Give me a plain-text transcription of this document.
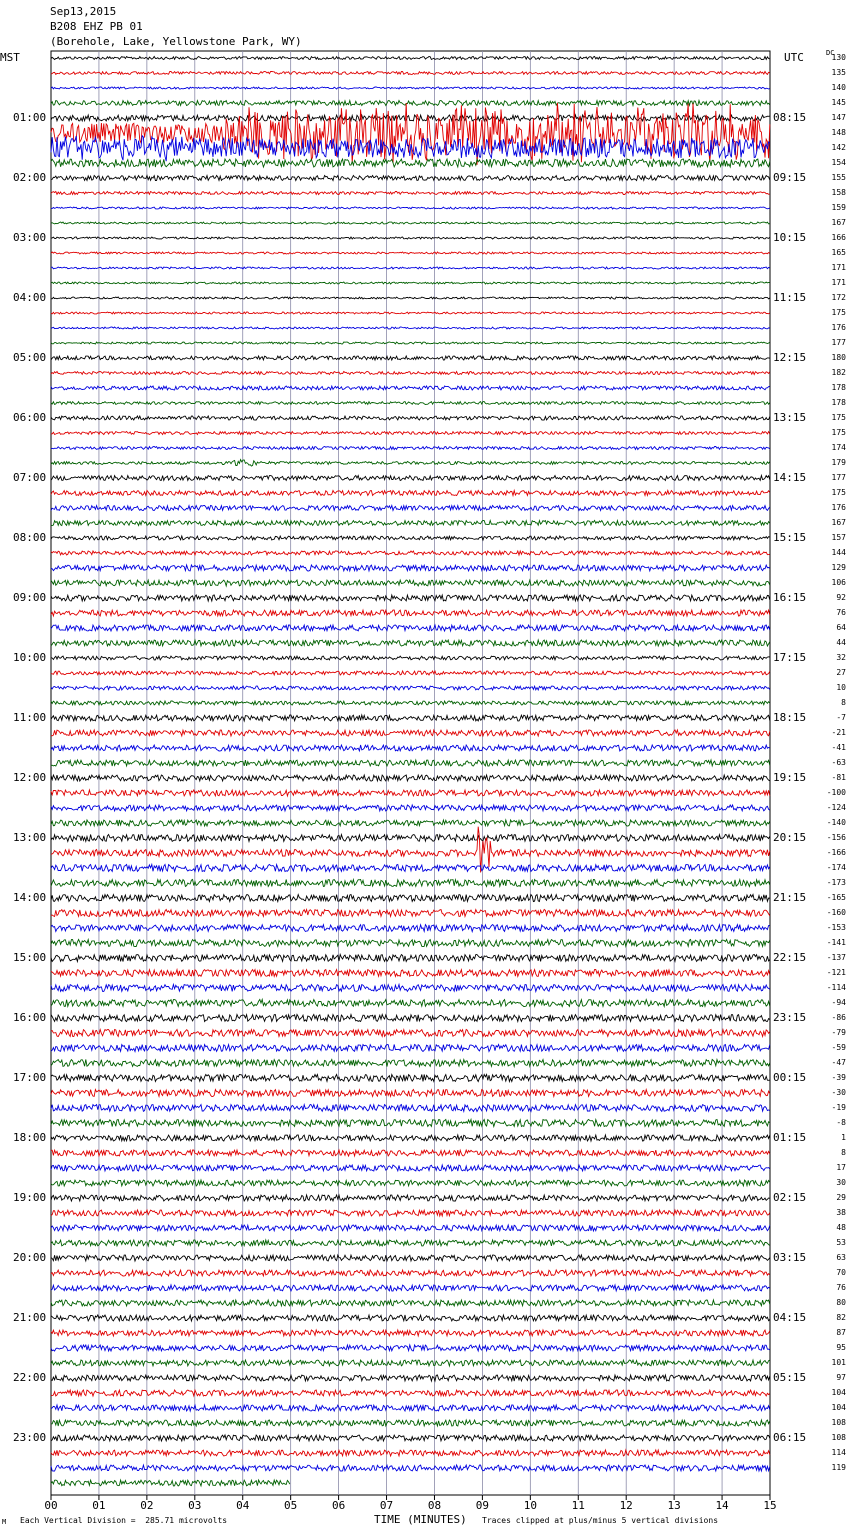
00	01	02	03	04	05	06	07	08	09	10	11	12	13	14	15
Sep13,2015
B208 EHZ PB 01
(Borehole, Lake, Yellowstone Park, WY)
MST	UTC	DC
M Each Vertical Division =  285.71 microvolts	TIME (MINUTES) Traces clipped at plus/minus 5 vertical divisions
01:00
02:00
03:00
04:00
05:00
06:00
07:00
08:00
09:00
10:00
11:00
12:00
13:00
14:00
15:00
16:00
17:00
18:00
19:00
20:00
21:00
22:00
23:00
08:15
09:15
10:15
11:15
12:15
13:15
14:15
15:15
16:15
17:15
18:15
19:15
20:15
21:15
22:15
23:15
00:15
01:15
02:15
03:15
04:15
05:15
06:15
130
135
140
145
147
148
142
154
155
158
159
167
166
165
171
171
172
175
176
177
180
182
178
178
175
175
174
179
177
175
176
167
157
144
129
106
92
76
64
44
32
27
10
8
-7
-21
-41
-63
-81
-100
-124
-140
-156
-166
-174
-173
-165
-160
-153
-141
-137
-121
-114
-94
-86
-79
-59
-47
-39
-30
-19
-8
1
8
17
30
29
38
48
53
63
70
76
80
82
87
95
101
97
104
104
108
108
114
119
